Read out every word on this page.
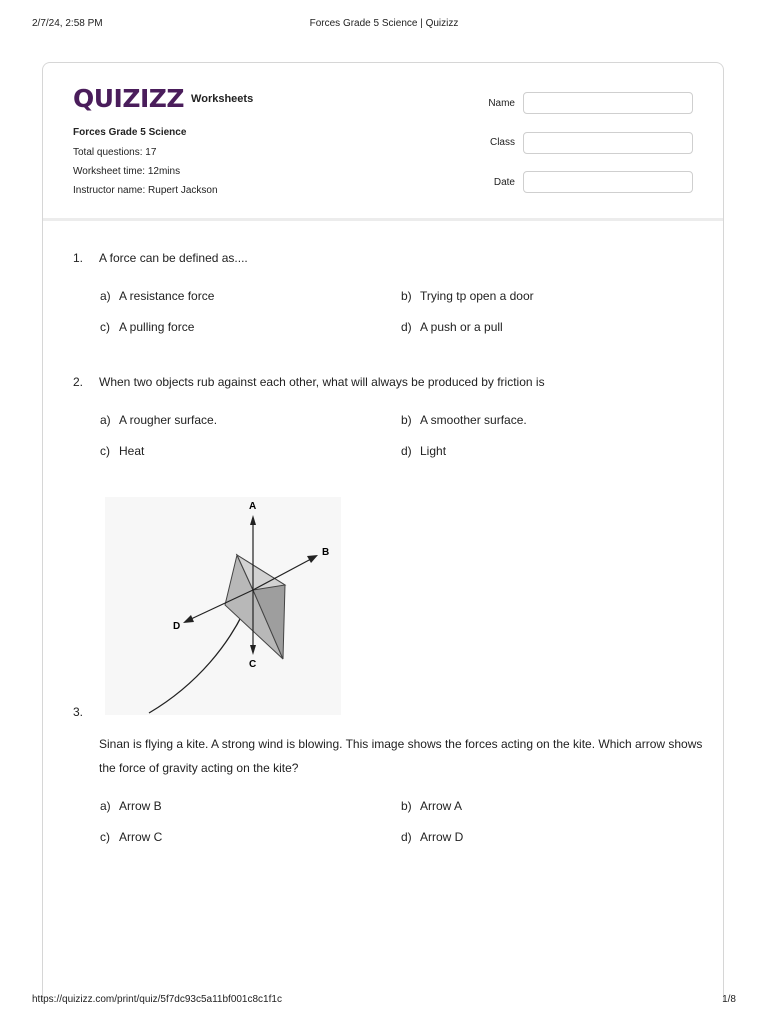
2/7/24, 2:58 PM	Forces Grade 5 Science | Quizizz
QUIZIZZ Worksheets
Forces Grade 5 Science
Total questions: 17
Worksheet time: 12mins
Instructor name: Rupert Jackson
Name
Class
Date
1. A force can be defined as....
a) A resistance force	b) Trying tp open a door
c) A pulling force	d) A push or a pull
2. When two objects rub against each other, what will always be produced by friction is
a) A rougher surface.	b) A smoother surface.
c) Heat	d) Light
A
B
C
D
3.
Sinan is flying a kite. A strong wind is blowing. This image shows the forces acting on the kite. Which arrow shows the force of gravity acting on the kite?
a) Arrow B	b) Arrow A
c) Arrow C	d) Arrow D
https://quizizz.com/print/quiz/5f7dc93c5a11bf001c8c1f1c	1/8
